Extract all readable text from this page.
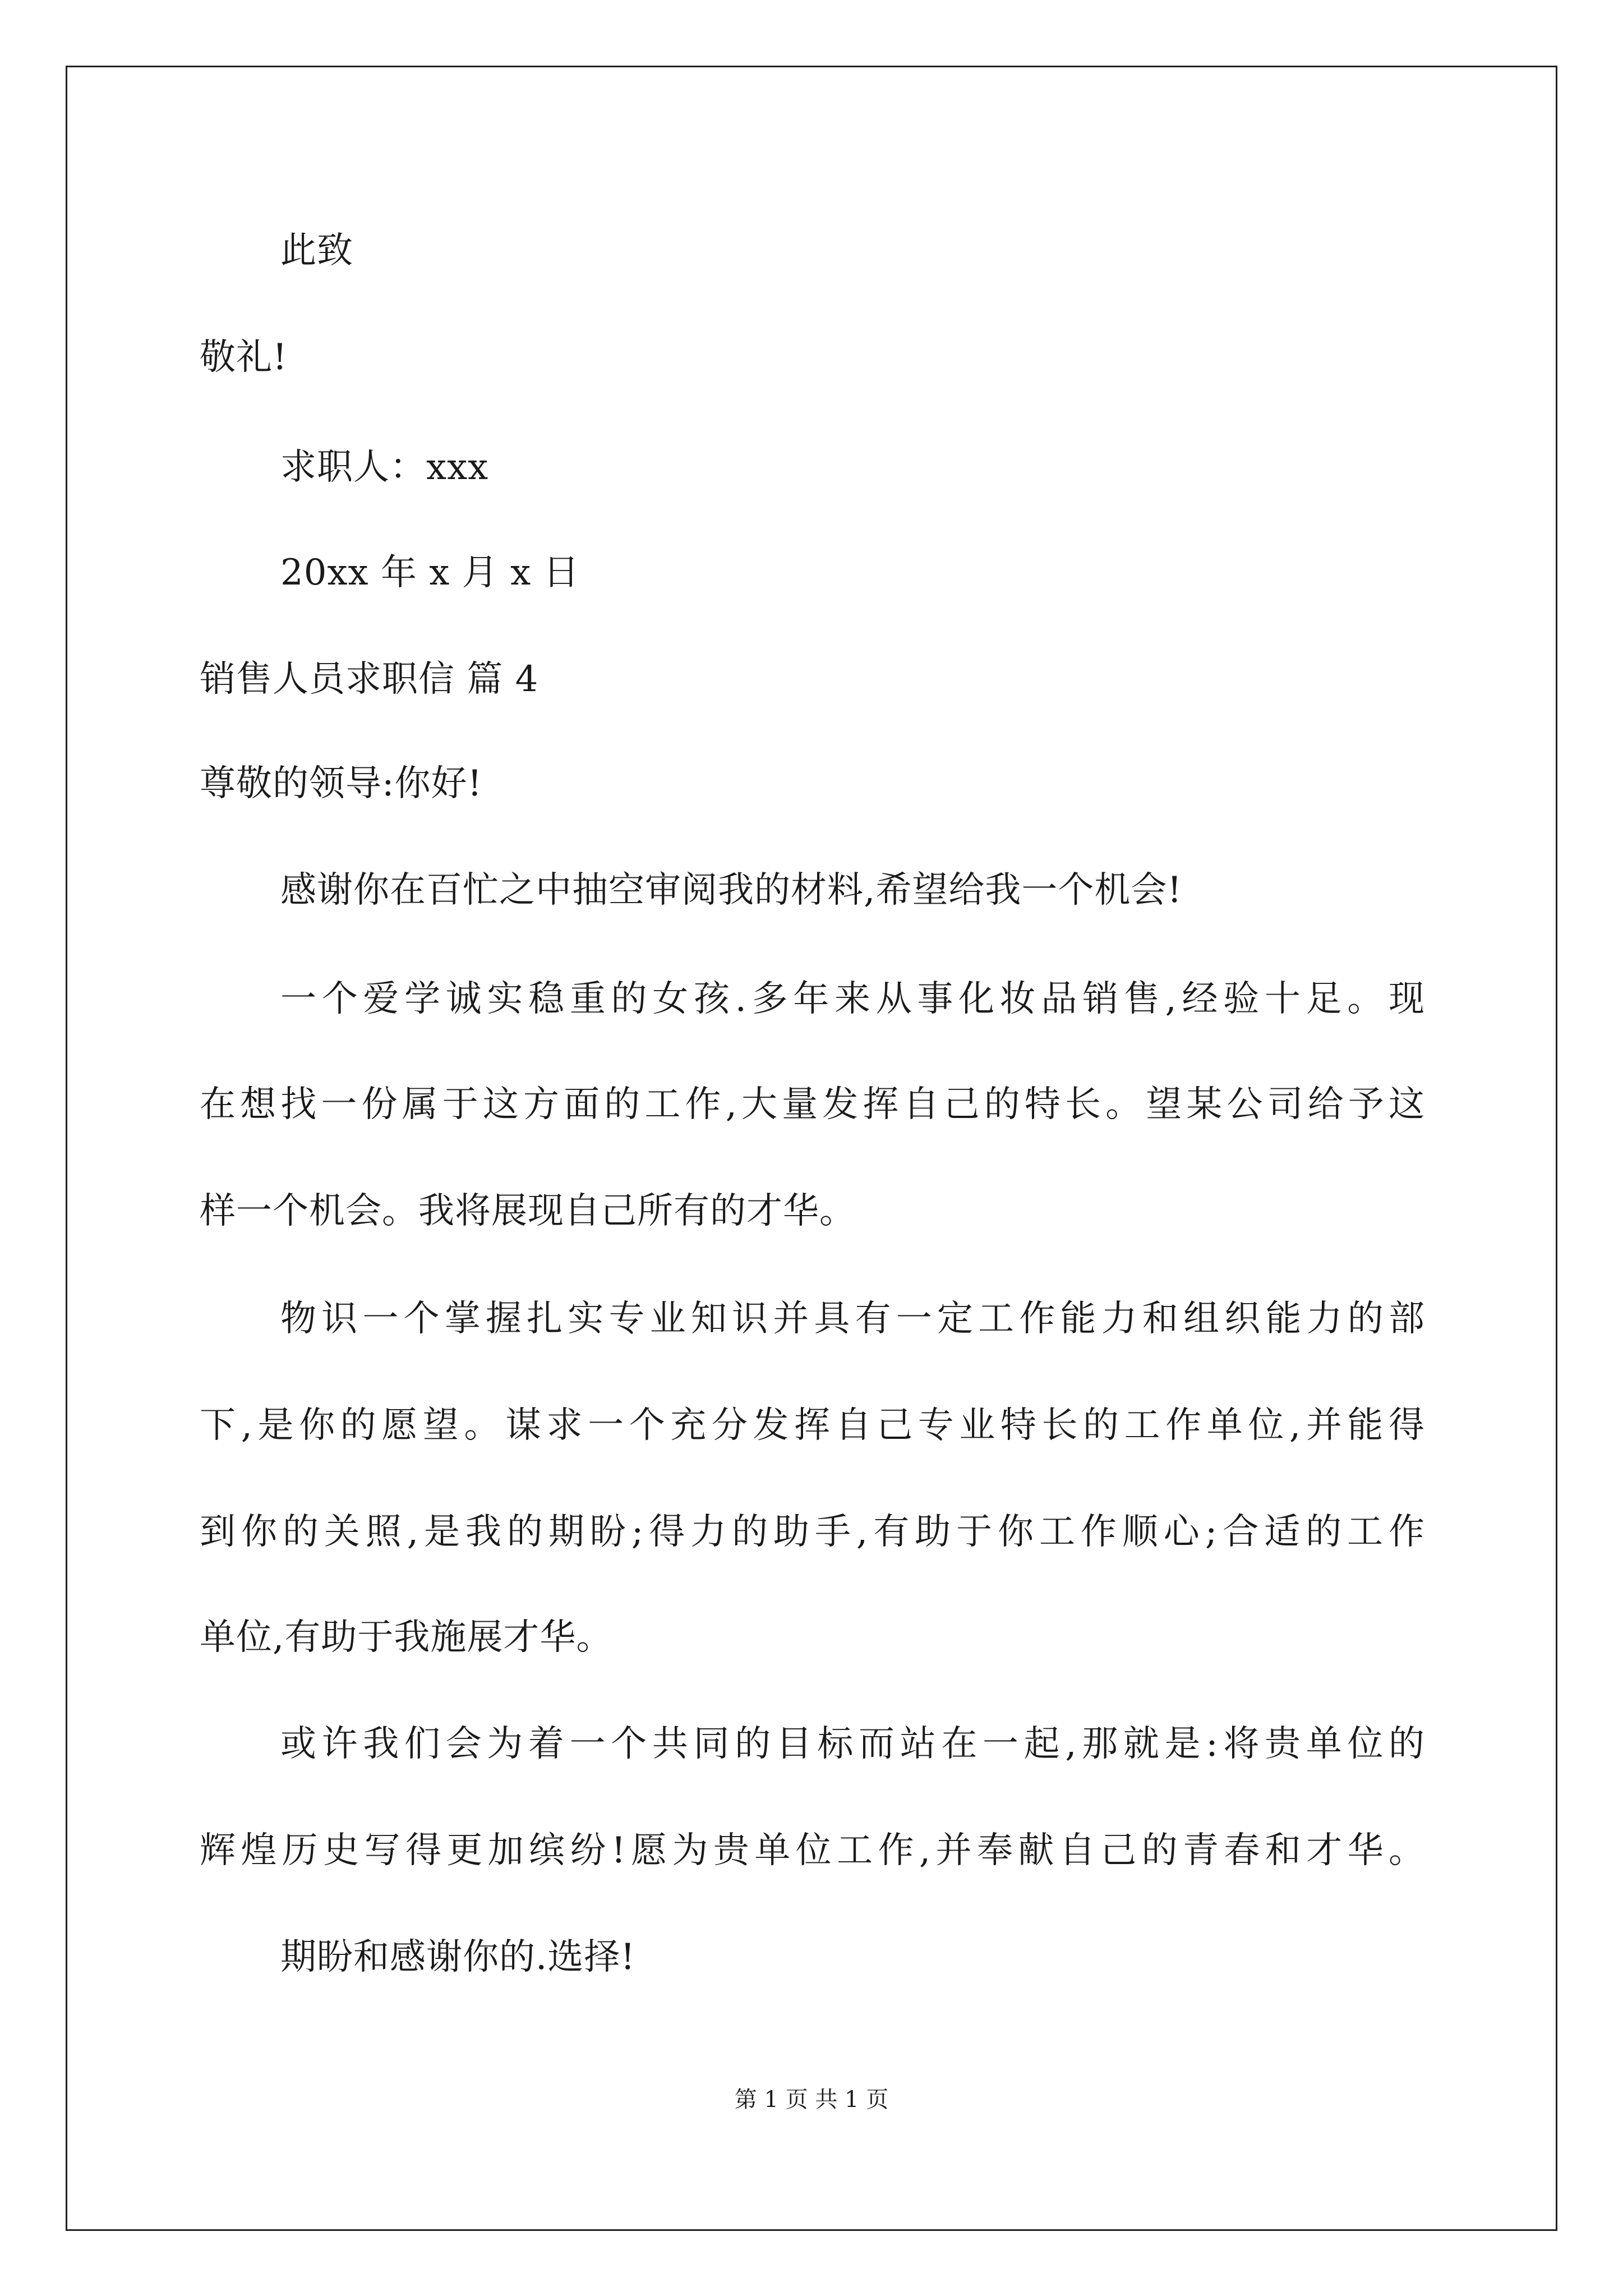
此致
敬礼!
求职人：xxx
20xx 年 x 月 x 日
销售人员求职信 篇 4
尊敬的领导:你好!
感谢你在百忙之中抽空审阅我的材料,希望给我一个机会!
一个爱学诚实稳重的女孩.多年来从事化妆品销售,经验十足。现
在想找一份属于这方面的工作,大量发挥自己的特长。望某公司给予这
样一个机会。我将展现自己所有的才华。
物识一个掌握扎实专业知识并具有一定工作能力和组织能力的部
下,是你的愿望。谋求一个充分发挥自己专业特长的工作单位,并能得
到你的关照,是我的期盼;得力的助手,有助于你工作顺心;合适的工作
单位,有助于我施展才华。
或许我们会为着一个共同的目标而站在一起,那就是:将贵单位的
辉煌历史写得更加缤纷!愿为贵单位工作,并奉献自己的青春和才华。
期盼和感谢你的.选择!
第 1 页 共 1 页
